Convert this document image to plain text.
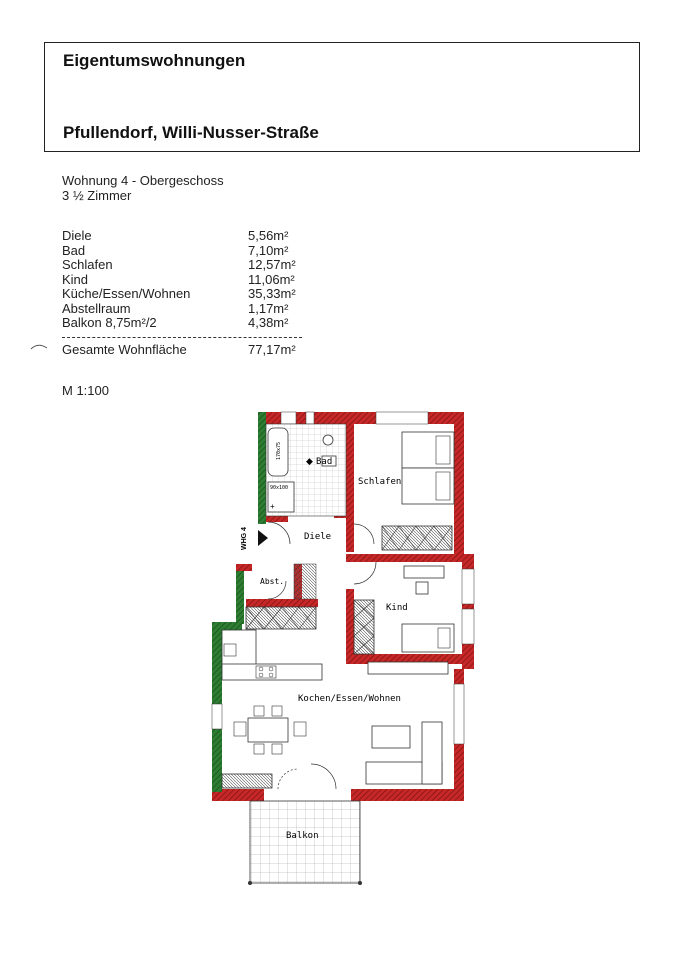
Eigentumswohnungen
Pfullendorf, Willi-Nusser-Straße
Wohnung 4 - Obergeschoss
3 ½ Zimmer
Diele	5,56m²
Bad	7,10m²
Schlafen	12,57m²
Kind	11,06m²
Küche/Essen/Wohnen	35,33m²
Abstellraum	1,17m²
Balkon 8,75m²/2	4,38m²
Gesamte Wohnfläche	77,17m²
M 1:100
170x75
90x100
+
Bad
◆
Schlafen
Diele
WHG 4
Abst.
Kind
Kochen/Essen/Wohnen
Balkon
